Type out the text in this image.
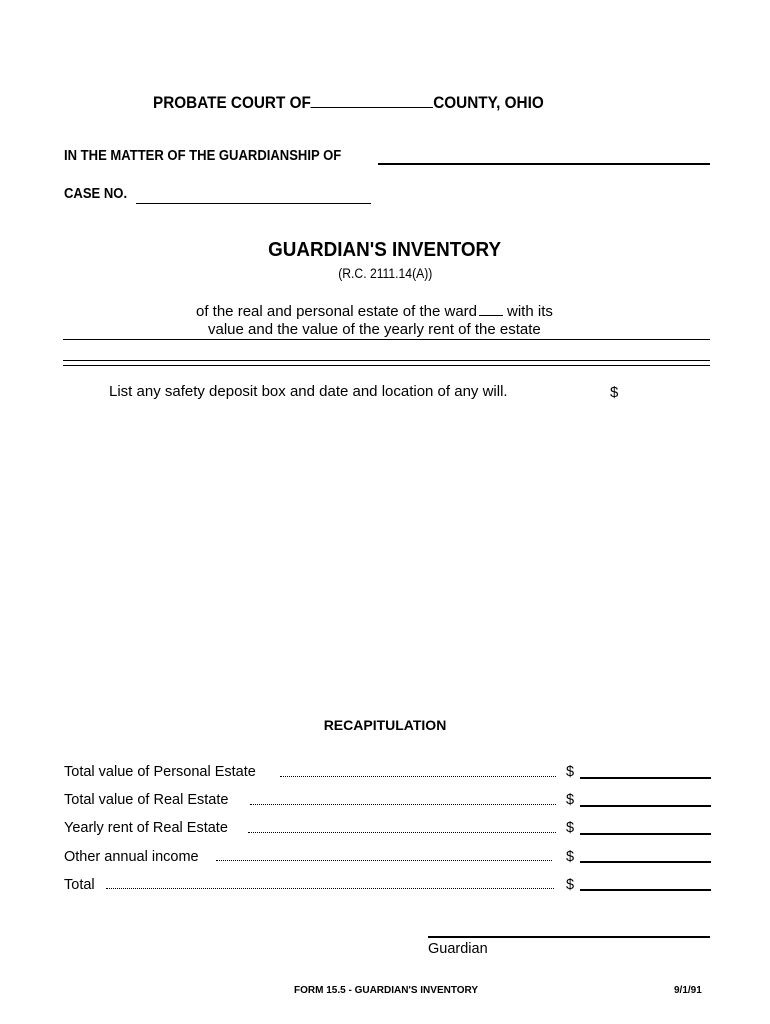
PROBATE COURT OF	COUNTY, OHIO
IN THE MATTER OF THE GUARDIANSHIP OF
CASE NO.
GUARDIAN'S INVENTORY
(R.C. 2111.14(A))
of the real and personal estate of the ward with its
value and the value of the yearly rent of the estate
List any safety deposit box and date and location of any will.	$
RECAPITULATION
Total value of Personal Estate	$
Total value of Real Estate	$
Yearly rent of Real Estate	$
Other annual income	$
Total	$
Guardian
FORM 15.5 - GUARDIAN'S INVENTORY	9/1/91
